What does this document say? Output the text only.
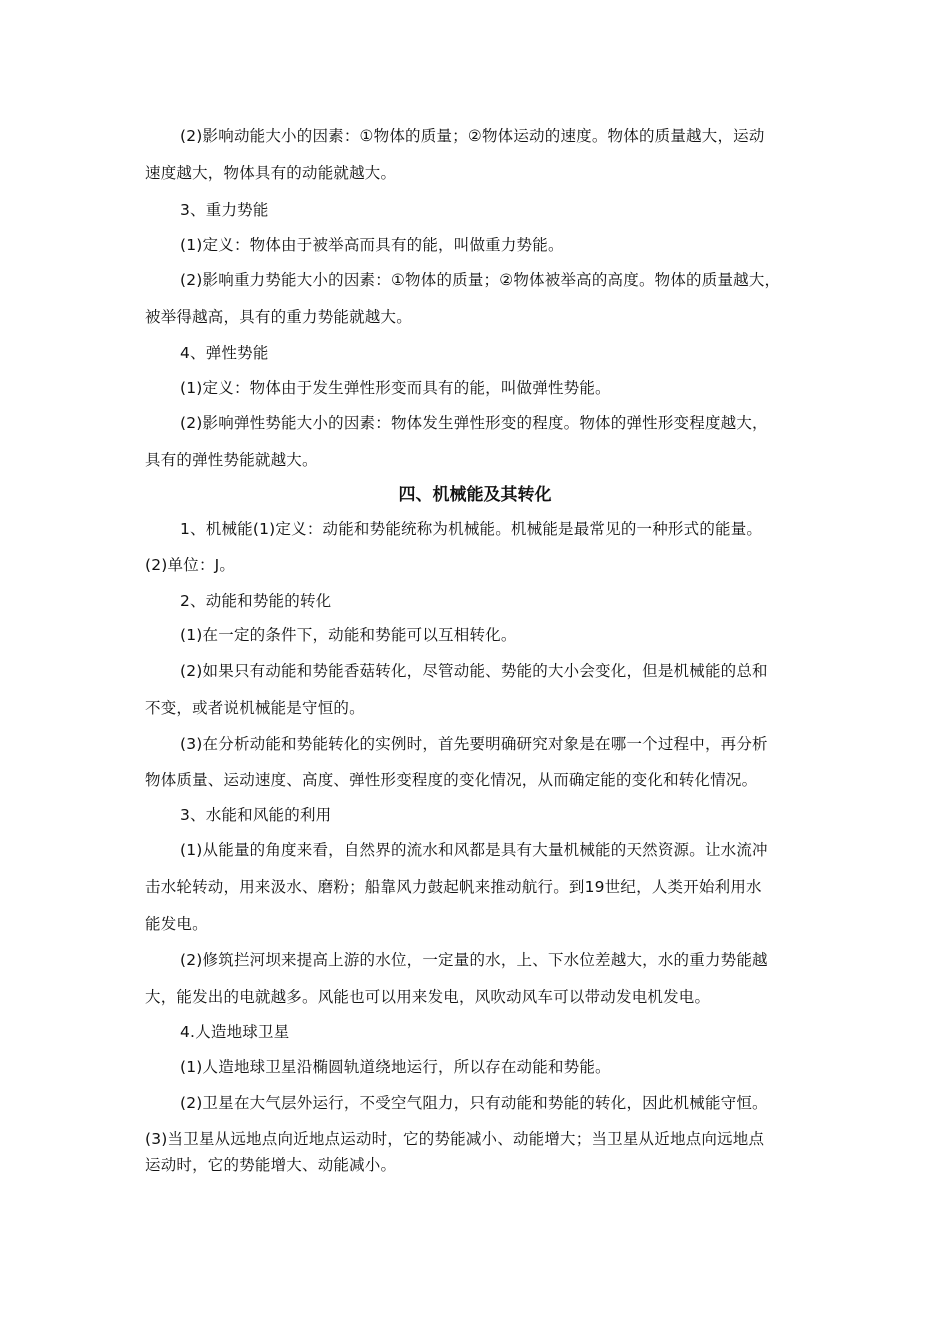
(2)影响动能大小的因素：①物体的质量；②物体运动的速度。物体的质量越大，运动
速度越大，物体具有的动能就越大。
3、重力势能
(1)定义：物体由于被举高而具有的能，叫做重力势能。
(2)影响重力势能大小的因素：①物体的质量；②物体被举高的高度。物体的质量越大，
被举得越高，具有的重力势能就越大。
4、弹性势能
(1)定义：物体由于发生弹性形变而具有的能，叫做弹性势能。
(2)影响弹性势能大小的因素：物体发生弹性形变的程度。物体的弹性形变程度越大，
具有的弹性势能就越大。
四、机械能及其转化
1、机械能(1)定义：动能和势能统称为机械能。机械能是最常见的一种形式的能量。
(2)单位：J。
2、动能和势能的转化
(1)在一定的条件下，动能和势能可以互相转化。
(2)如果只有动能和势能香菇转化，尽管动能、势能的大小会变化，但是机械能的总和
不变，或者说机械能是守恒的。
(3)在分析动能和势能转化的实例时，首先要明确研究对象是在哪一个过程中，再分析
物体质量、运动速度、高度、弹性形变程度的变化情况，从而确定能的变化和转化情况。
3、水能和风能的利用
(1)从能量的角度来看，自然界的流水和风都是具有大量机械能的天然资源。让水流冲
击水轮转动，用来汲水、磨粉；船靠风力鼓起帆来推动航行。到19世纪，人类开始利用水
能发电。
(2)修筑拦河坝来提高上游的水位，一定量的水，上、下水位差越大，水的重力势能越
大，能发出的电就越多。风能也可以用来发电，风吹动风车可以带动发电机发电。
4.人造地球卫星
(1)人造地球卫星沿椭圆轨道绕地运行，所以存在动能和势能。
(2)卫星在大气层外运行，不受空气阻力，只有动能和势能的转化，因此机械能守恒。
(3)当卫星从远地点向近地点运动时，它的势能减小、动能增大；当卫星从近地点向远地点
运动时，它的势能增大、动能减小。
